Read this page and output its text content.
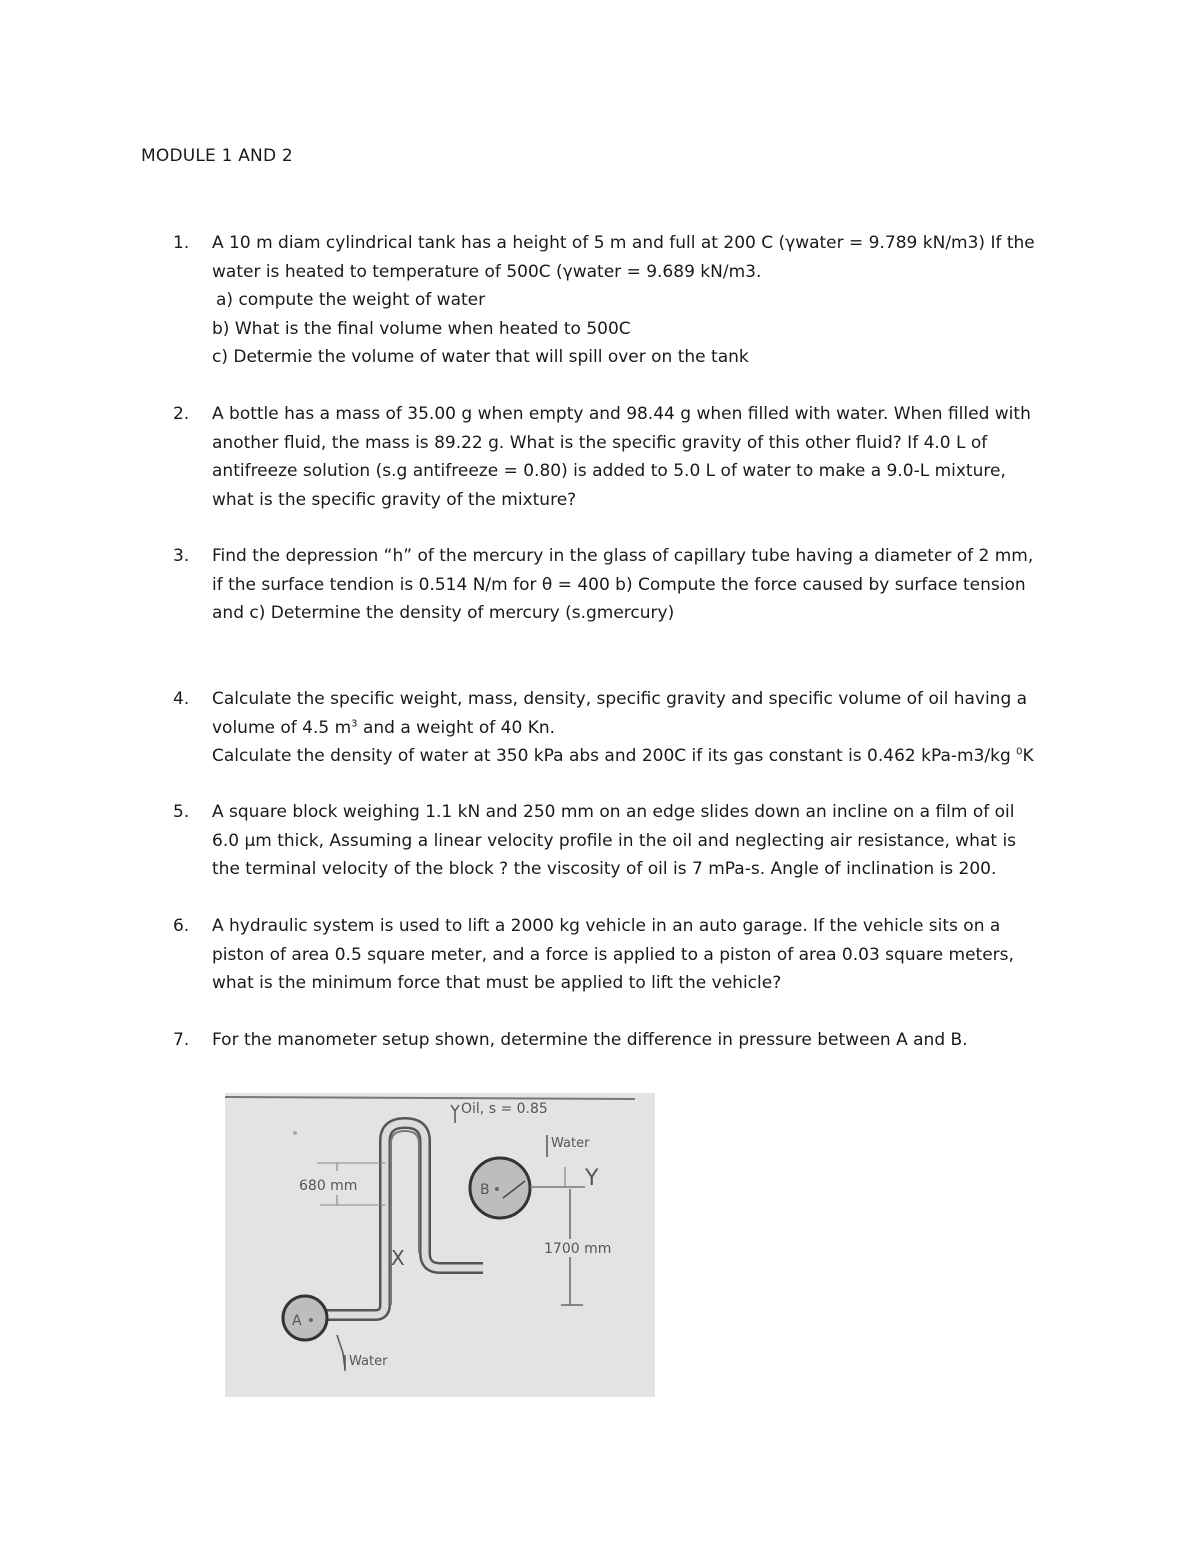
MODULE 1 AND 2
1.	A 10 m diam cylindrical tank has a height of 5 m and full at 200 C (γwater = 9.789 kN/m3) If the
water is heated to temperature of 500C (γwater = 9.689 kN/m3.
a) compute the weight of water
b) What is the final volume when heated to 500C
c) Determie the volume of water that will spill over on the tank
2.	A bottle has a mass of 35.00 g when empty and 98.44 g when filled with water. When filled with
another fluid, the mass is 89.22 g. What is the specific gravity of this other fluid? If 4.0 L of
antifreeze solution (s.g antifreeze = 0.80) is added to 5.0 L of water to make a 9.0-L mixture,
what is the specific gravity of the mixture?
3.	Find the depression “h” of the mercury in the glass of capillary tube having a diameter of 2 mm,
if the surface tendion is 0.514 N/m for θ = 400 b) Compute the force caused by surface tension
and c) Determine the density of mercury (s.gmercury)
4.	Calculate the specific weight, mass, density, specific gravity and specific volume of oil having a
volume of 4.5 $m^3$ and a weight of 40 Kn.
Calculate the density of water at 350 kPa abs and 200C if its gas constant is 0.462 kPa-m3/kg $^0$K
5.	A square block weighing 1.1 kN and 250 mm on an edge slides down an incline on a film of oil
6.0 µm thick, Assuming a linear velocity profile in the oil and neglecting air resistance, what is
the terminal velocity of the block ? the viscosity of oil is 7 mPa-s. Angle of inclination is 200.
6.	A hydraulic system is used to lift a 2000 kg vehicle in an auto garage. If the vehicle sits on a
piston of area 0.5 square meter, and a force is applied to a piston of area 0.03 square meters,
what is the minimum force that must be applied to lift the vehicle?
7.	For the manometer setup shown, determine the difference in pressure between A and B.
A
B
Oil, s = 0.85
Water
Y
1700 mm
680 mm
X
Water
